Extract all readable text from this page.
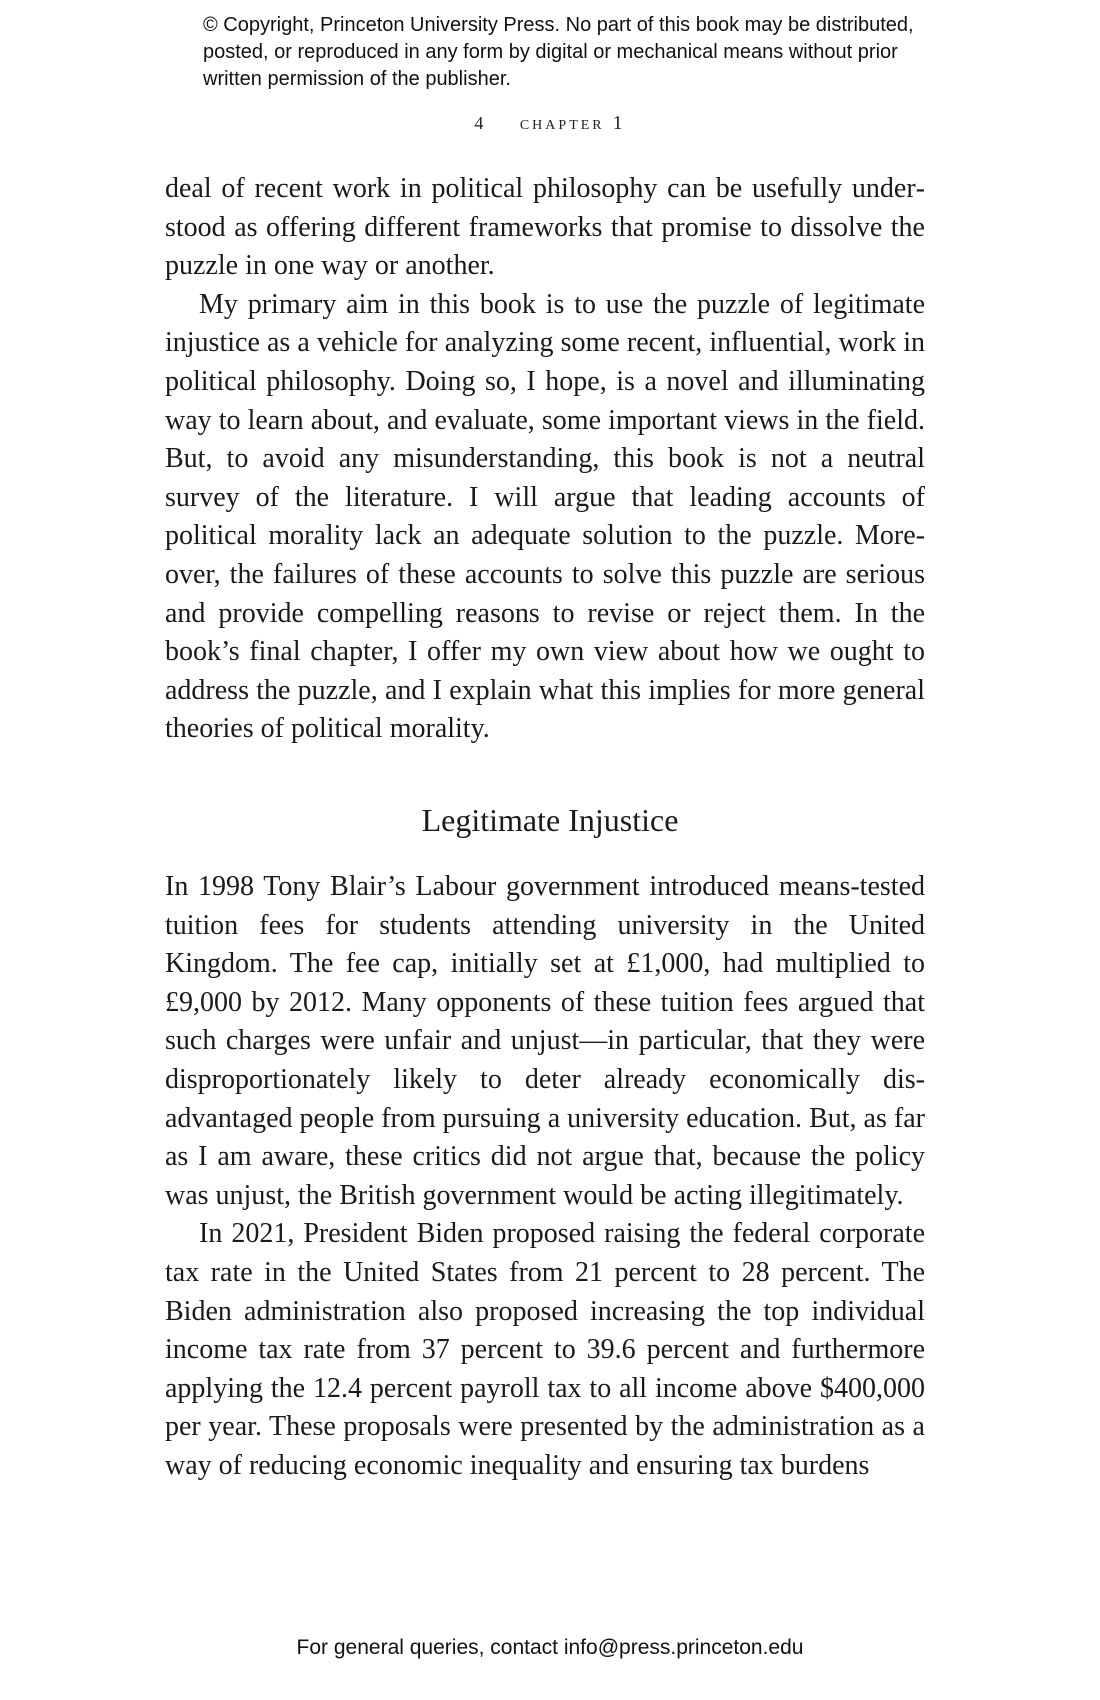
© Copyright, Princeton University Press. No part of this book may be distributed, posted, or reproduced in any form by digital or mechanical means without prior written permission of the publisher.
4 chapter 1

deal of recent work in political philosophy can be usefully understood as offering different frameworks that promise to dissolve the puzzle in one way or another.

My primary aim in this book is to use the puzzle of legitimate injustice as a vehicle for analyzing some recent, influential, work in political philosophy. Doing so, I hope, is a novel and illuminating way to learn about, and evaluate, some important views in the field. But, to avoid any misunderstanding, this book is not a neutral survey of the literature. I will argue that leading accounts of political morality lack an adequate solution to the puzzle. Moreover, the failures of these accounts to solve this puzzle are serious and provide compelling reasons to revise or reject them. In the book’s final chapter, I offer my own view about how we ought to address the puzzle, and I explain what this implies for more general theories of political morality.

Legitimate Injustice

In 1998 Tony Blair’s Labour government introduced means-tested tuition fees for students attending university in the United Kingdom. The fee cap, initially set at £1,000, had multiplied to £9,000 by 2012. Many opponents of these tuition fees argued that such charges were unfair and unjust—in particular, that they were disproportionately likely to deter already economically disadvantaged people from pursuing a university education. But, as far as I am aware, these critics did not argue that, because the policy was unjust, the British government would be acting illegitimately.

In 2021, President Biden proposed raising the federal corporate tax rate in the United States from 21 percent to 28 percent. The Biden administration also proposed increasing the top individual income tax rate from 37 percent to 39.6 percent and furthermore applying the 12.4 percent payroll tax to all income above $400,000 per year. These proposals were presented by the administration as a way of reducing economic inequality and ensuring tax burdens

For general queries, contact info@press.princeton.edu
